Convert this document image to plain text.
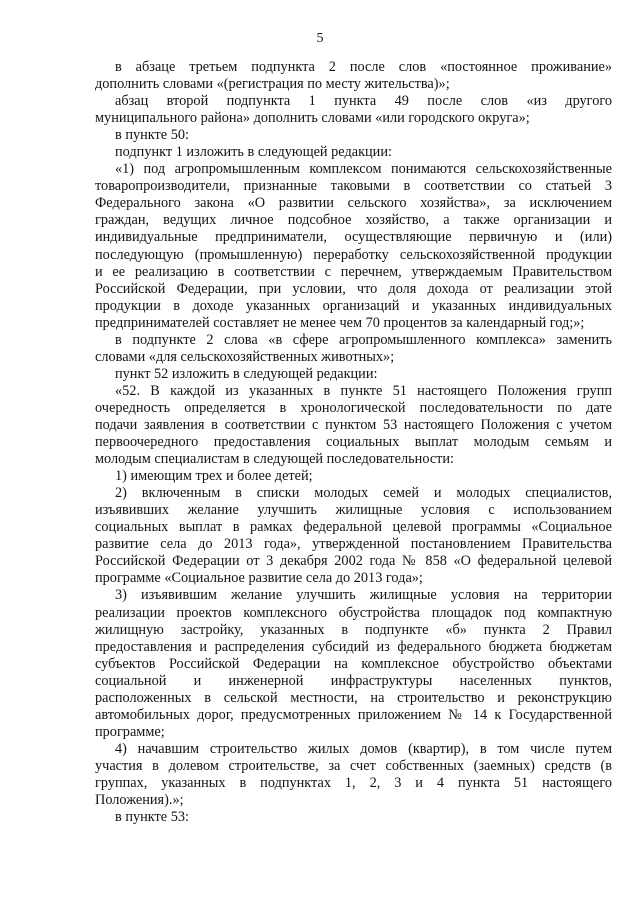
5
в абзаце третьем подпункта 2 после слов «постоянное проживание»
дополнить словами «(регистрация по месту жительства)»;
абзац второй подпункта 1 пункта 49 после слов «из другого
муниципального района» дополнить словами «или городского округа»;
в пункте 50:
подпункт 1 изложить в следующей редакции:
«1) под агропромышленным комплексом понимаются сельскохозяйственные
товаропроизводители, признанные таковыми в соответствии со статьей 3
Федерального закона «О развитии сельского хозяйства», за исключением
граждан, ведущих личное подсобное хозяйство, а также организации и
индивидуальные предприниматели, осуществляющие первичную и (или)
последующую (промышленную) переработку сельскохозяйственной продукции
и ее реализацию в соответствии с перечнем, утверждаемым Правительством
Российской Федерации, при условии, что доля дохода от реализации этой
продукции в доходе указанных организаций и указанных индивидуальных
предпринимателей составляет не менее чем 70 процентов за календарный год;»;
в подпункте 2 слова «в сфере агропромышленного комплекса» заменить
словами «для сельскохозяйственных животных»;
пункт 52 изложить в следующей редакции:
«52. В каждой из указанных в пункте 51 настоящего Положения групп
очередность определяется в хронологической последовательности по дате
подачи заявления в соответствии с пунктом 53 настоящего Положения с учетом
первоочередного предоставления социальных выплат молодым семьям и
молодым специалистам в следующей последовательности:
1) имеющим трех и более детей;
2) включенным в списки молодых семей и молодых специалистов,
изъявивших желание улучшить жилищные условия с использованием
социальных выплат в рамках федеральной целевой программы «Социальное
развитие села до 2013 года», утвержденной постановлением Правительства
Российской Федерации от 3 декабря 2002 года № 858 «О федеральной целевой
программе «Социальное развитие села до 2013 года»;
3) изъявившим желание улучшить жилищные условия на территории
реализации проектов комплексного обустройства площадок под компактную
жилищную застройку, указанных в подпункте «б» пункта 2 Правил
предоставления и распределения субсидий из федерального бюджета бюджетам
субъектов Российской Федерации на комплексное обустройство объектами
социальной и инженерной инфраструктуры населенных пунктов,
расположенных в сельской местности, на строительство и реконструкцию
автомобильных дорог, предусмотренных приложением № 14 к Государственной
программе;
4) начавшим строительство жилых домов (квартир), в том числе путем
участия в долевом строительстве, за счет собственных (заемных) средств (в
группах, указанных в подпунктах 1, 2, 3 и 4 пункта 51 настоящего
Положения).»;
в пункте 53:
